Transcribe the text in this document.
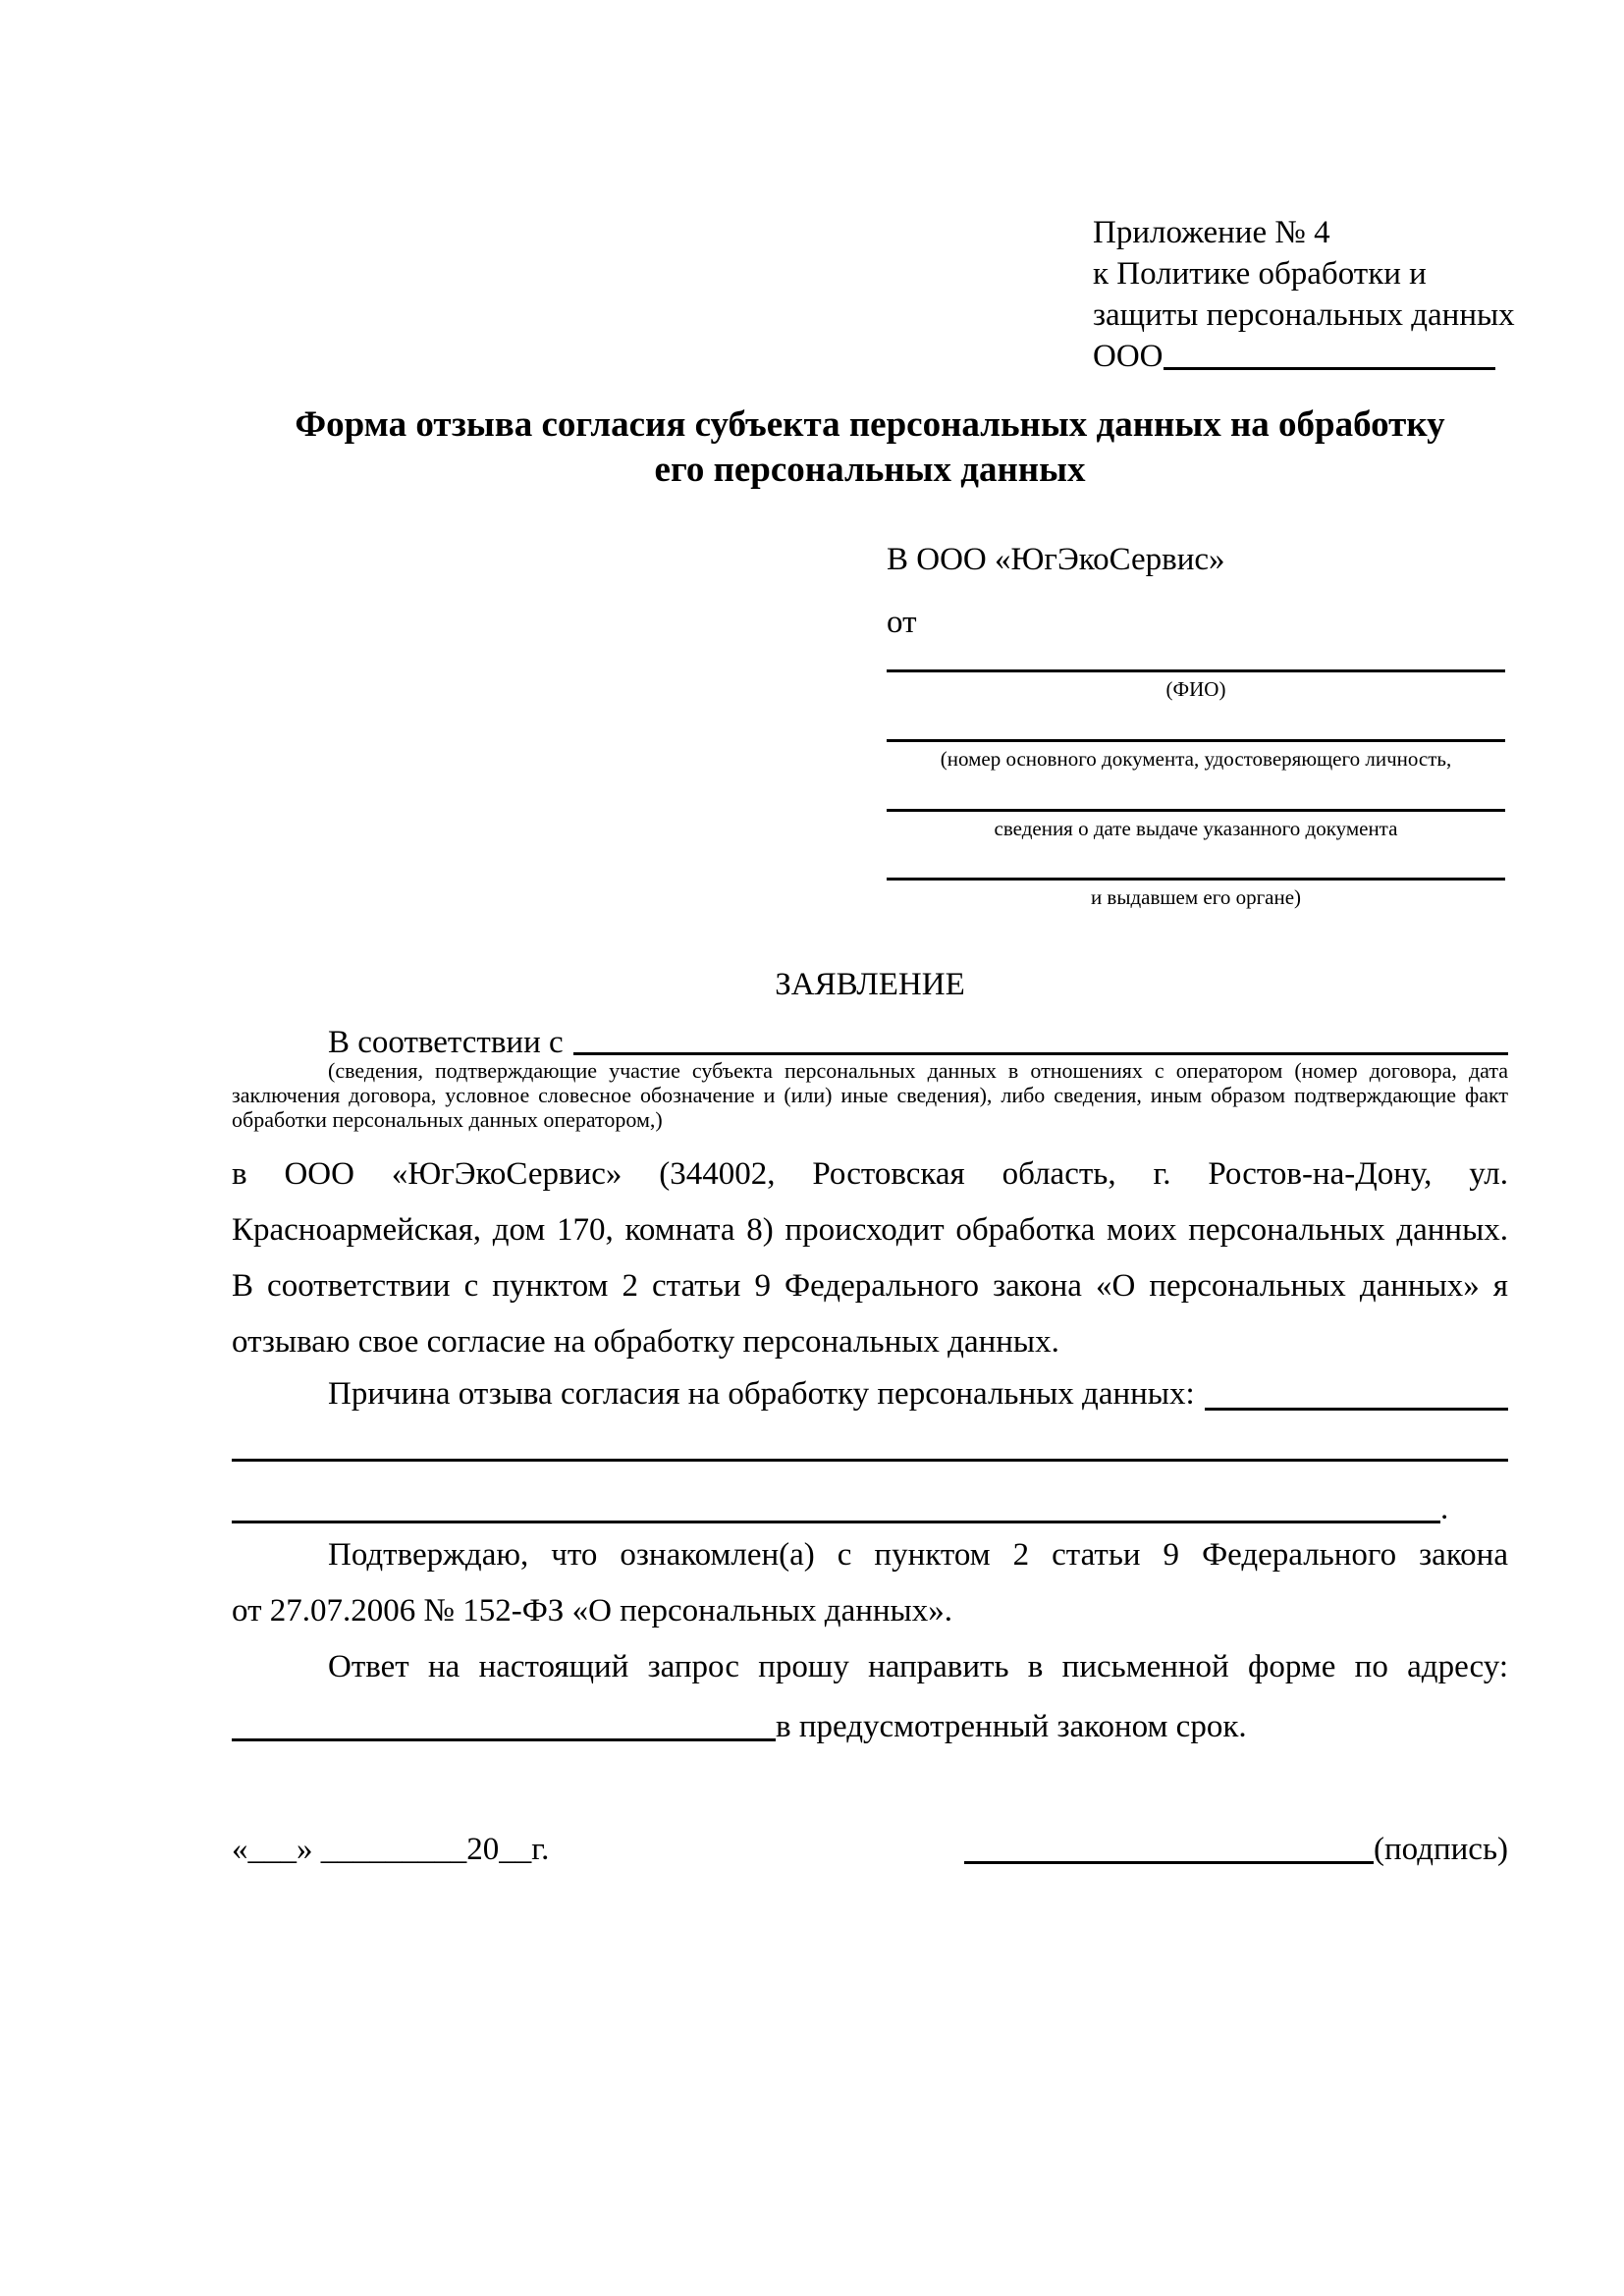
Приложение № 4
к Политике обработки и
защиты персональных данных
ООО
Форма отзыва согласия субъекта персональных данных на обработку
его персональных данных
В ООО «ЮгЭкоСервис»
от
(ФИО)
(номер основного документа, удостоверяющего личность,
сведения о дате выдаче указанного документа
и выдавшем его органе)
ЗАЯВЛЕНИЕ
В соответствии с
(сведения, подтверждающие участие субъекта персональных данных в отношениях с оператором (номер договора, дата
заключения договора, условное словесное обозначение и (или) иные сведения), либо сведения, иным образом подтверждающие факт
обработки персональных данных оператором,)
в ООО «ЮгЭкоСервис» (344002, Ростовская область, г. Ростов-на-Дону, ул.
Красноармейская, дом 170, комната 8) происходит обработка моих персональных данных.
В соответствии с пунктом 2 статьи 9 Федерального закона «О персональных данных» я
отзываю свое согласие на обработку персональных данных.
Причина отзыва согласия на обработку персональных данных:
.
Подтверждаю, что ознакомлен(а) с пунктом 2 статьи 9 Федерального закона
от 27.07.2006 № 152-ФЗ «О персональных данных».
Ответ на настоящий запрос прошу направить в письменной форме по адресу:
в предусмотренный законом срок.
«___» _________20__г.	(подпись)
